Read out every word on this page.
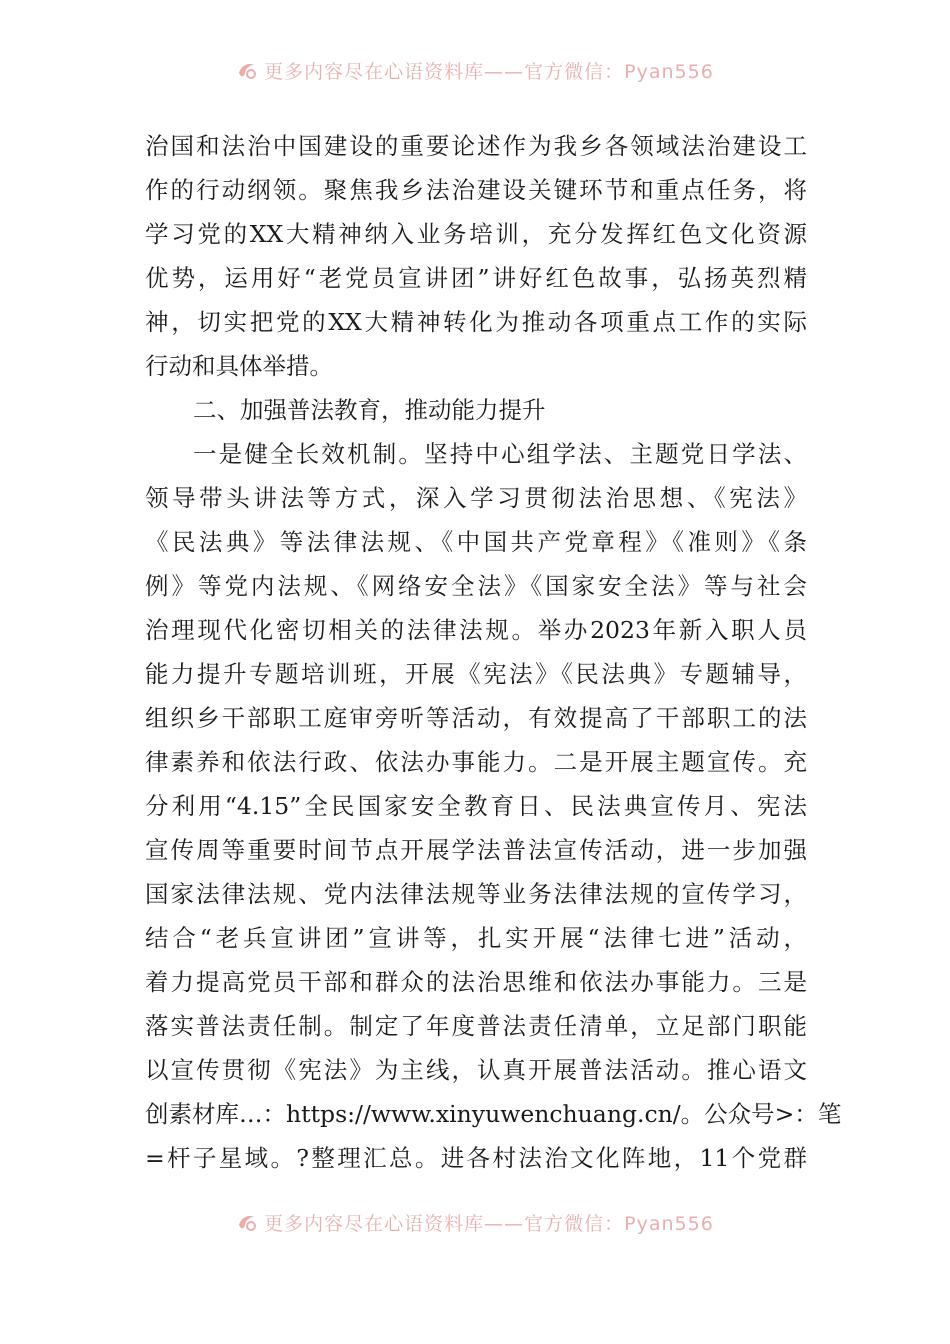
更多内容尽在心语资料库——官方微信：Pyan556
治国和法治中国建设的重要论述作为我乡各领域法治建设工
作的行动纲领。聚焦我乡法治建设关键环节和重点任务，将
学习党的XX大精神纳入业务培训，充分发挥红色文化资源
优势，运用好“老党员宣讲团”讲好红色故事，弘扬英烈精
神，切实把党的XX大精神转化为推动各项重点工作的实际
行动和具体举措。
二、加强普法教育，推动能力提升
一是健全长效机制。坚持中心组学法、主题党日学法、
领导带头讲法等方式，深入学习贯彻法治思想、《宪法》
《民法典》等法律法规、《中国共产党章程》《准则》《条
例》等党内法规、《网络安全法》《国家安全法》等与社会
治理现代化密切相关的法律法规。举办2023年新入职人员
能力提升专题培训班，开展《宪法》《民法典》专题辅导，
组织乡干部职工庭审旁听等活动，有效提高了干部职工的法
律素养和依法行政、依法办事能力。二是开展主题宣传。充
分利用“4.15”全民国家安全教育日、民法典宣传月、宪法
宣传周等重要时间节点开展学法普法宣传活动，进一步加强
国家法律法规、党内法律法规等业务法律法规的宣传学习，
结合“老兵宣讲团”宣讲等，扎实开展“法律七进”活动，
着力提高党员干部和群众的法治思维和依法办事能力。三是
落实普法责任制。制定了年度普法责任清单，立足部门职能
以宣传贯彻《宪法》为主线，认真开展普法活动。推心语文
创素材库…：https://www.xinyuwenchuang.cn/。公众号>：笔
=杆子星域。?整理汇总。进各村法治文化阵地，11个党群
更多内容尽在心语资料库——官方微信：Pyan556
